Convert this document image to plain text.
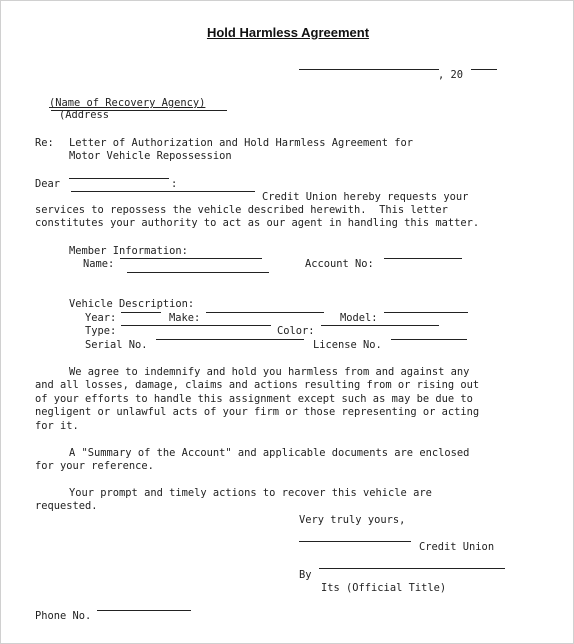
Hold Harmless Agreement
, 20
(Name of Recovery Agency)
(Address
Re: Letter of Authorization and Hold Harmless Agreement for
Motor Vehicle Repossession
Dear	:
Credit Union hereby requests your
services to repossess the vehicle described herewith.  This letter
constitutes your authority to act as our agent in handling this matter.
Member Information:
Name:	Account No:
Vehicle Description:
Year:	Make:	Model:
Type:	Color:
Serial No.	License No.
We agree to indemnify and hold you harmless from and against any
and all losses, damage, claims and actions resulting from or rising out
of your efforts to handle this assignment except such as may be due to
negligent or unlawful acts of your firm or those representing or acting
for it.
A "Summary of the Account" and applicable documents are enclosed
for your reference.
Your prompt and timely actions to recover this vehicle are
requested.
Very truly yours,
Credit Union
By
Its (Official Title)
Phone No.
